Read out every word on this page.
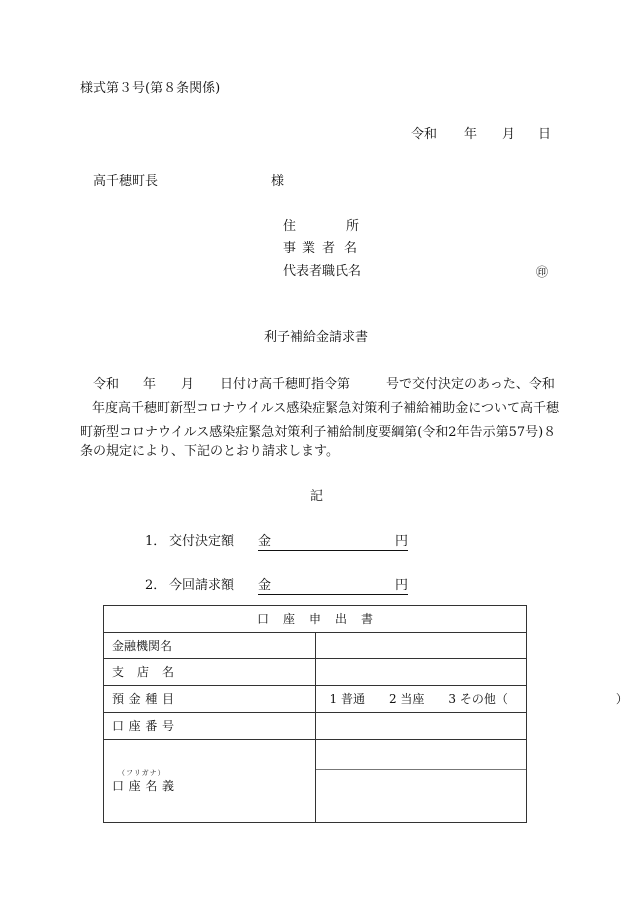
様式第３号(第８条関係)
令和 年 月 日
高千穂町長	様
住	所
事 業 者 名
代表者職氏名	㊞
利子補給金請求書
令和 年 月 日付け高千穂町指令第	号で交付決定のあった、令和
年度高千穂町新型コロナウイルス感染症緊急対策利子補給補助金について高千穂
町新型コロナウイルス感染症緊急対策利子補給制度要綱第(令和2年告示第57号)８
条の規定により、下記のとおり請求します。
記
1． 交付決定額 金	円
2． 今回請求額 金	円
口 座 申 出 書	

金融機関名	

支 店 名	

預 金 種 目	1 普通　　2 当座　　3 その他（　　　　　　　　　）

口 座 番 号	

（フリガナ）
口 座 名 義	
